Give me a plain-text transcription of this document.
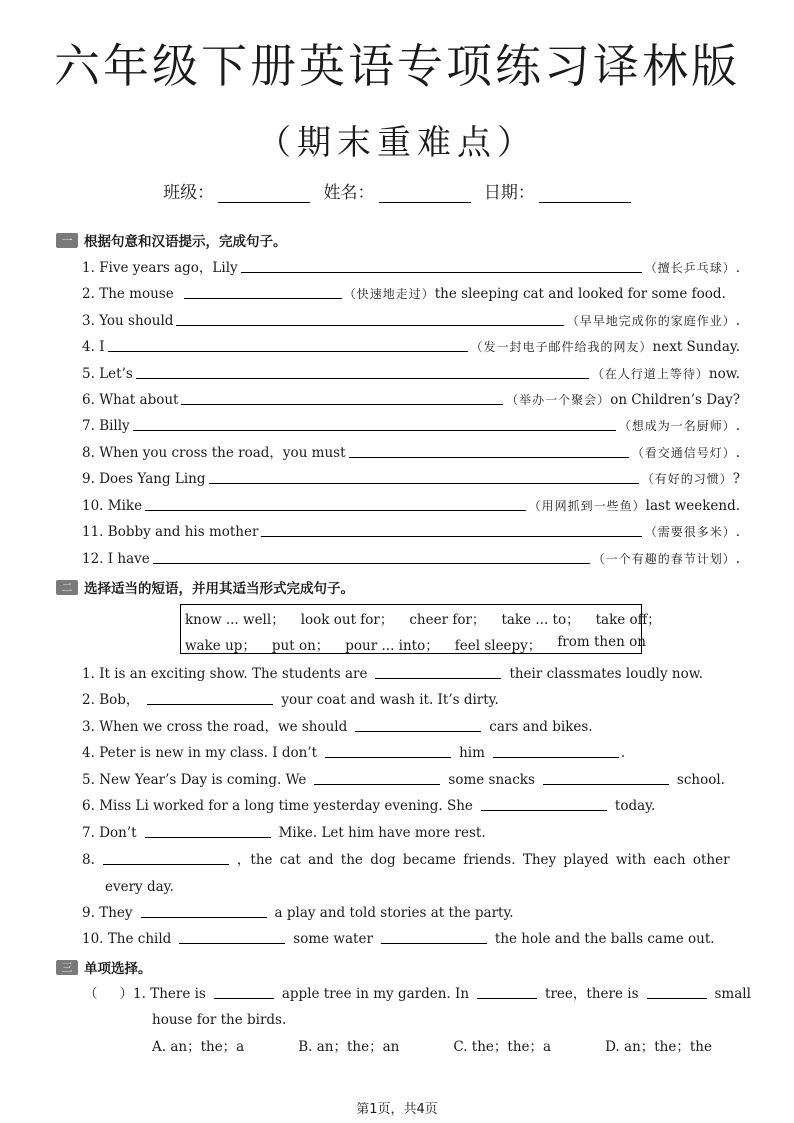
六年级下册英语专项练习译林版
（期末重难点）
班级：	姓名：	日期：
一 根据句意和汉语提示，完成句子。
1.
Five years ago，Lily	（擅长乒乓球） .
2.
The mouse	（快速地走过） the sleeping cat and looked for some food.
3.
You should	（早早地完成你的家庭作业） .
4.
I	（发一封电子邮件给我的网友） next Sunday.
5.
Let’s	（在人行道上等待） now.
6.
What about	（举办一个聚会） on Children’s Day?
7.
Billy	（想成为一名厨师） .
8.
When you cross the road，you must	（看交通信号灯） .
9.
Does Yang Ling	（有好的习惯） ?
10.
Mike	（用网抓到一些鱼） last weekend.
11.
Bobby and his mother	（需要很多米） .
12.
I have	（一个有趣的春节计划） .
二 选择适当的短语，并用其适当形式完成句子。
know ... well； look out for； cheer for； take ... to； take off；
wake up； put on； pour ... into； feel sleepy； from then on
1.
It is an exciting show. The students are	their classmates loudly now.
2.
Bob，	your coat and wash it. It’s dirty.
3.
When we cross the road，we should	cars and bikes.
4.
Peter is new in my class. I don’t	him	.
5.
New Year’s Day is coming. We	some snacks	school.
6.
Miss Li worked for a long time yesterday evening. She	today.
7.
Don’t	Mike. Let him have more rest.
8.	，the cat and the dog became friends. They played with each other
every day.
9.
They	a play and told stories at the party.
10.
The child	some water	the hole and the balls came out.
三 单项选择。
（ ） 1.
There is	apple tree in my garden. In	tree，there is	small
house for the birds.
A. an；the；a	B. an；the；an	C. the；the；a	D. an；the；the
第1页，共4页
